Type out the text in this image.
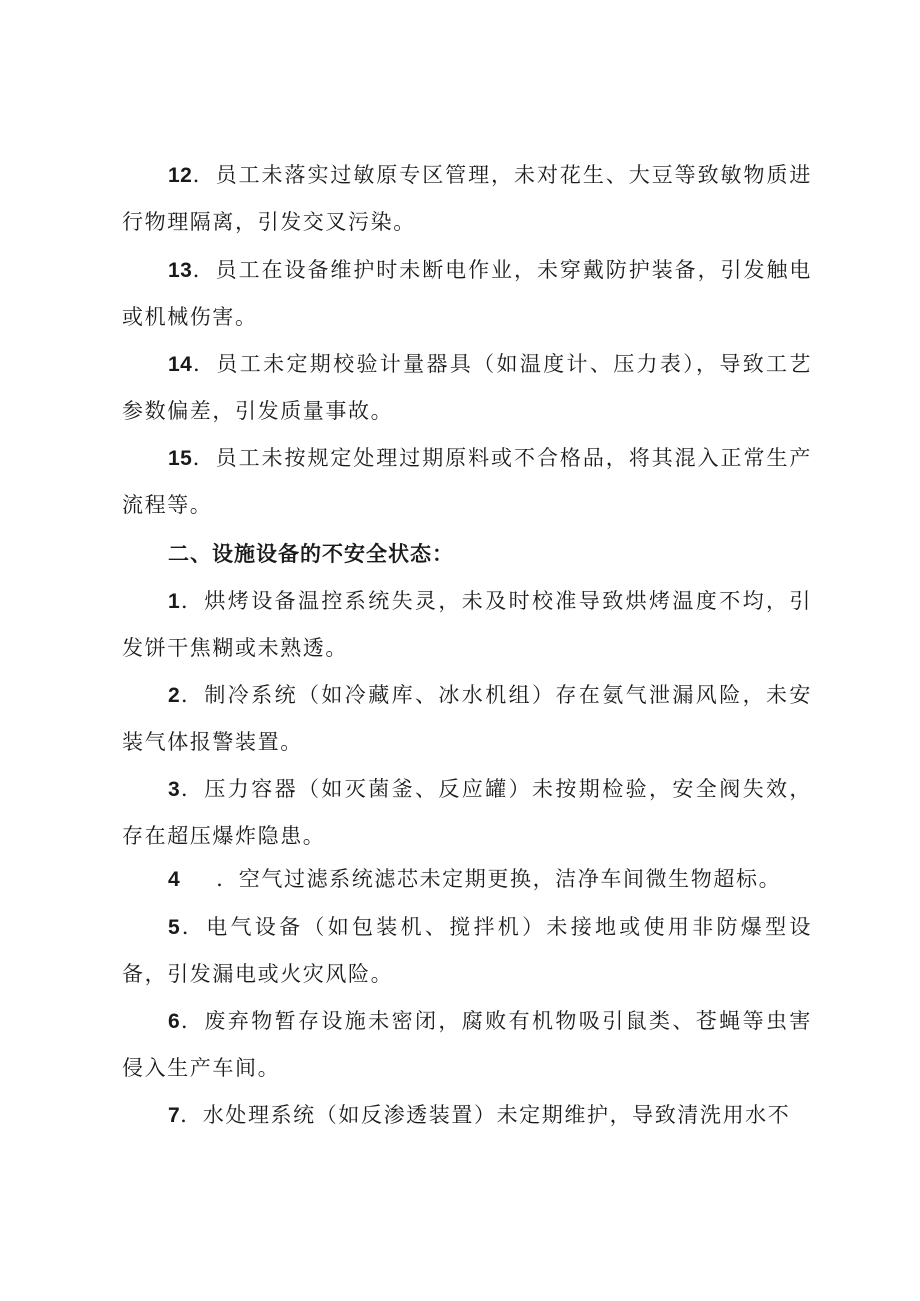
12．员工未落实过敏原专区管理，未对花生、大豆等致敏物质进行物理隔离，引发交叉污染。

13．员工在设备维护时未断电作业，未穿戴防护装备，引发触电或机械伤害。

14．员工未定期校验计量器具（如温度计、压力表），导致工艺参数偏差，引发质量事故。

15．员工未按规定处理过期原料或不合格品，将其混入正常生产流程等。

二、设施设备的不安全状态：

1．烘烤设备温控系统失灵，未及时校准导致烘烤温度不均，引发饼干焦糊或未熟透。

2．制冷系统（如冷藏库、冰水机组）存在氨气泄漏风险，未安装气体报警装置。

3．压力容器（如灭菌釜、反应罐）未按期检验，安全阀失效，存在超压爆炸隐患。

4 ．空气过滤系统滤芯未定期更换，洁净车间微生物超标。

5．电气设备（如包装机、搅拌机）未接地或使用非防爆型设备，引发漏电或火灾风险。

6．废弃物暂存设施未密闭，腐败有机物吸引鼠类、苍蝇等虫害侵入生产车间。

7．水处理系统（如反渗透装置）未定期维护，导致清洗用水不
